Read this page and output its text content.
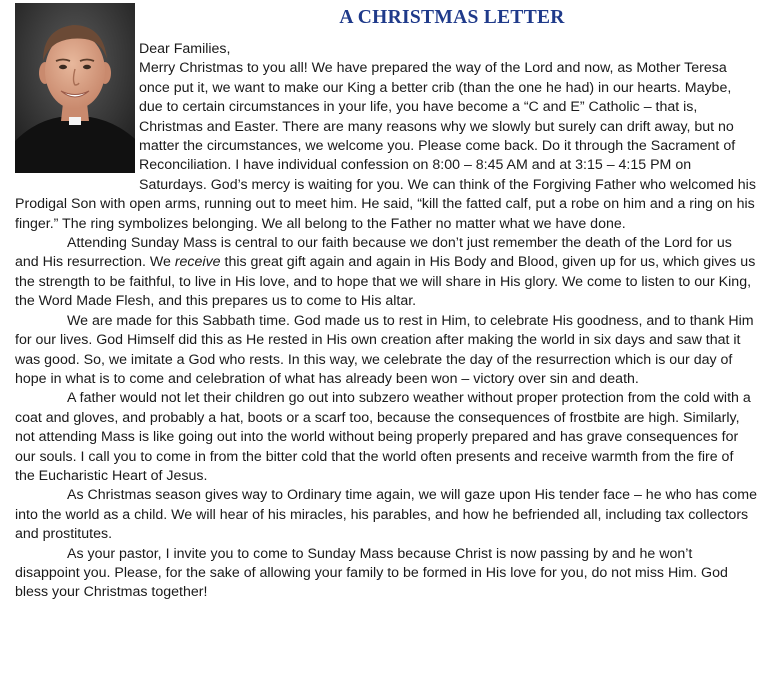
A CHRISTMAS LETTER

Dear Families,

Merry Christmas to you all! We have prepared the way of the Lord and now, as Mother Teresa once put it, we want to make our King a better crib (than the one he had) in our hearts. Maybe, due to certain circumstances in your life, you have become a “C and E” Catholic – that is, Christmas and Easter. There are many reasons why we slowly but surely can drift away, but no matter the circumstances, we welcome you. Please come back. Do it through the Sacrament of Reconciliation. I have individual confession on 8:00 – 8:45 AM and at 3:15 – 4:15 PM on Saturdays. God’s mercy is waiting for you. We can think of the Forgiving Father who welcomed his Prodigal Son with open arms, running out to meet him. He said, “kill the fatted calf, put a robe on him and a ring on his finger.” The ring symbolizes belonging. We all belong to the Father no matter what we have done.

Attending Sunday Mass is central to our faith because we don’t just remember the death of the Lord for us and His resurrection. We receive this great gift again and again in His Body and Blood, given up for us, which gives us the strength to be faithful, to live in His love, and to hope that we will share in His glory. We come to listen to our King, the Word Made Flesh, and this prepares us to come to His altar.

We are made for this Sabbath time. God made us to rest in Him, to celebrate His goodness, and to thank Him for our lives. God Himself did this as He rested in His own creation after making the world in six days and saw that it was good. So, we imitate a God who rests. In this way, we celebrate the day of the resurrection which is our day of hope in what is to come and celebration of what has already been won – victory over sin and death.

A father would not let their children go out into subzero weather without proper protection from the cold with a coat and gloves, and probably a hat, boots or a scarf too, because the consequences of frostbite are high. Similarly, not attending Mass is like going out into the world without being properly prepared and has grave consequences for our souls. I call you to come in from the bitter cold that the world often presents and receive warmth from the fire of the Eucharistic Heart of Jesus.

As Christmas season gives way to Ordinary time again, we will gaze upon His tender face – he who has come into the world as a child. We will hear of his miracles, his parables, and how he befriended all, including tax collectors and prostitutes.

As your pastor, I invite you to come to Sunday Mass because Christ is now passing by and he won’t disappoint you. Please, for the sake of allowing your family to be formed in His love for you, do not miss Him. God bless your Christmas together!
